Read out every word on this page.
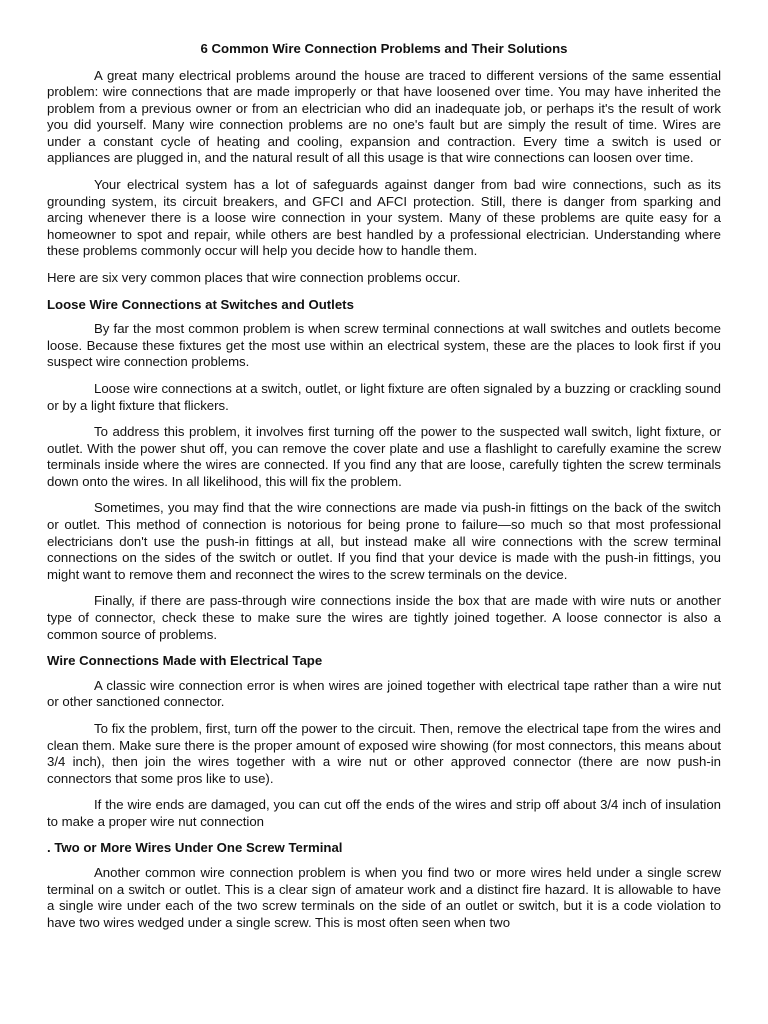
6 Common Wire Connection Problems and Their Solutions

A great many electrical problems around the house are traced to different versions of the same essential problem: wire connections that are made improperly or that have loosened over time. You may have inherited the problem from a previous owner or from an electrician who did an inadequate job, or perhaps it's the result of work you did yourself. Many wire connection problems are no one's fault but are simply the result of time. Wires are under a constant cycle of heating and cooling, expansion and contraction. Every time a switch is used or appliances are plugged in, and the natural result of all this usage is that wire connections can loosen over time.

Your electrical system has a lot of safeguards against danger from bad wire connections, such as its grounding system, its circuit breakers, and GFCI and AFCI protection. Still, there is danger from sparking and arcing whenever there is a loose wire connection in your system. Many of these problems are quite easy for a homeowner to spot and repair, while others are best handled by a professional electrician. Understanding where these problems commonly occur will help you decide how to handle them.

Here are six very common places that wire connection problems occur.

Loose Wire Connections at Switches and Outlets

By far the most common problem is when screw terminal connections at wall switches and outlets become loose. Because these fixtures get the most use within an electrical system, these are the places to look first if you suspect wire connection problems.

Loose wire connections at a switch, outlet, or light fixture are often signaled by a buzzing or crackling sound or by a light fixture that flickers.

To address this problem, it involves first turning off the power to the suspected wall switch, light fixture, or outlet. With the power shut off, you can remove the cover plate and use a flashlight to carefully examine the screw terminals inside where the wires are connected. If you find any that are loose, carefully tighten the screw terminals down onto the wires. In all likelihood, this will fix the problem.

Sometimes, you may find that the wire connections are made via push-in fittings on the back of the switch or outlet. This method of connection is notorious for being prone to failure—so much so that most professional electricians don't use the push-in fittings at all, but instead make all wire connections with the screw terminal connections on the sides of the switch or outlet. If you find that your device is made with the push-in fittings, you might want to remove them and reconnect the wires to the screw terminals on the device.

Finally, if there are pass-through wire connections inside the box that are made with wire nuts or another type of connector, check these to make sure the wires are tightly joined together. A loose connector is also a common source of problems.

Wire Connections Made with Electrical Tape

A classic wire connection error is when wires are joined together with electrical tape rather than a wire nut or other sanctioned connector.

To fix the problem, first, turn off the power to the circuit. Then, remove the electrical tape from the wires and clean them. Make sure there is the proper amount of exposed wire showing (for most connectors, this means about 3/4 inch), then join the wires together with a wire nut or other approved connector (there are now push-in connectors that some pros like to use).

If the wire ends are damaged, you can cut off the ends of the wires and strip off about 3/4 inch of insulation to make a proper wire nut connection

. Two or More Wires Under One Screw Terminal

Another common wire connection problem is when you find two or more wires held under a single screw terminal on a switch or outlet. This is a clear sign of amateur work and a distinct fire hazard. It is allowable to have a single wire under each of the two screw terminals on the side of an outlet or switch, but it is a code violation to have two wires wedged under a single screw. This is most often seen when two
